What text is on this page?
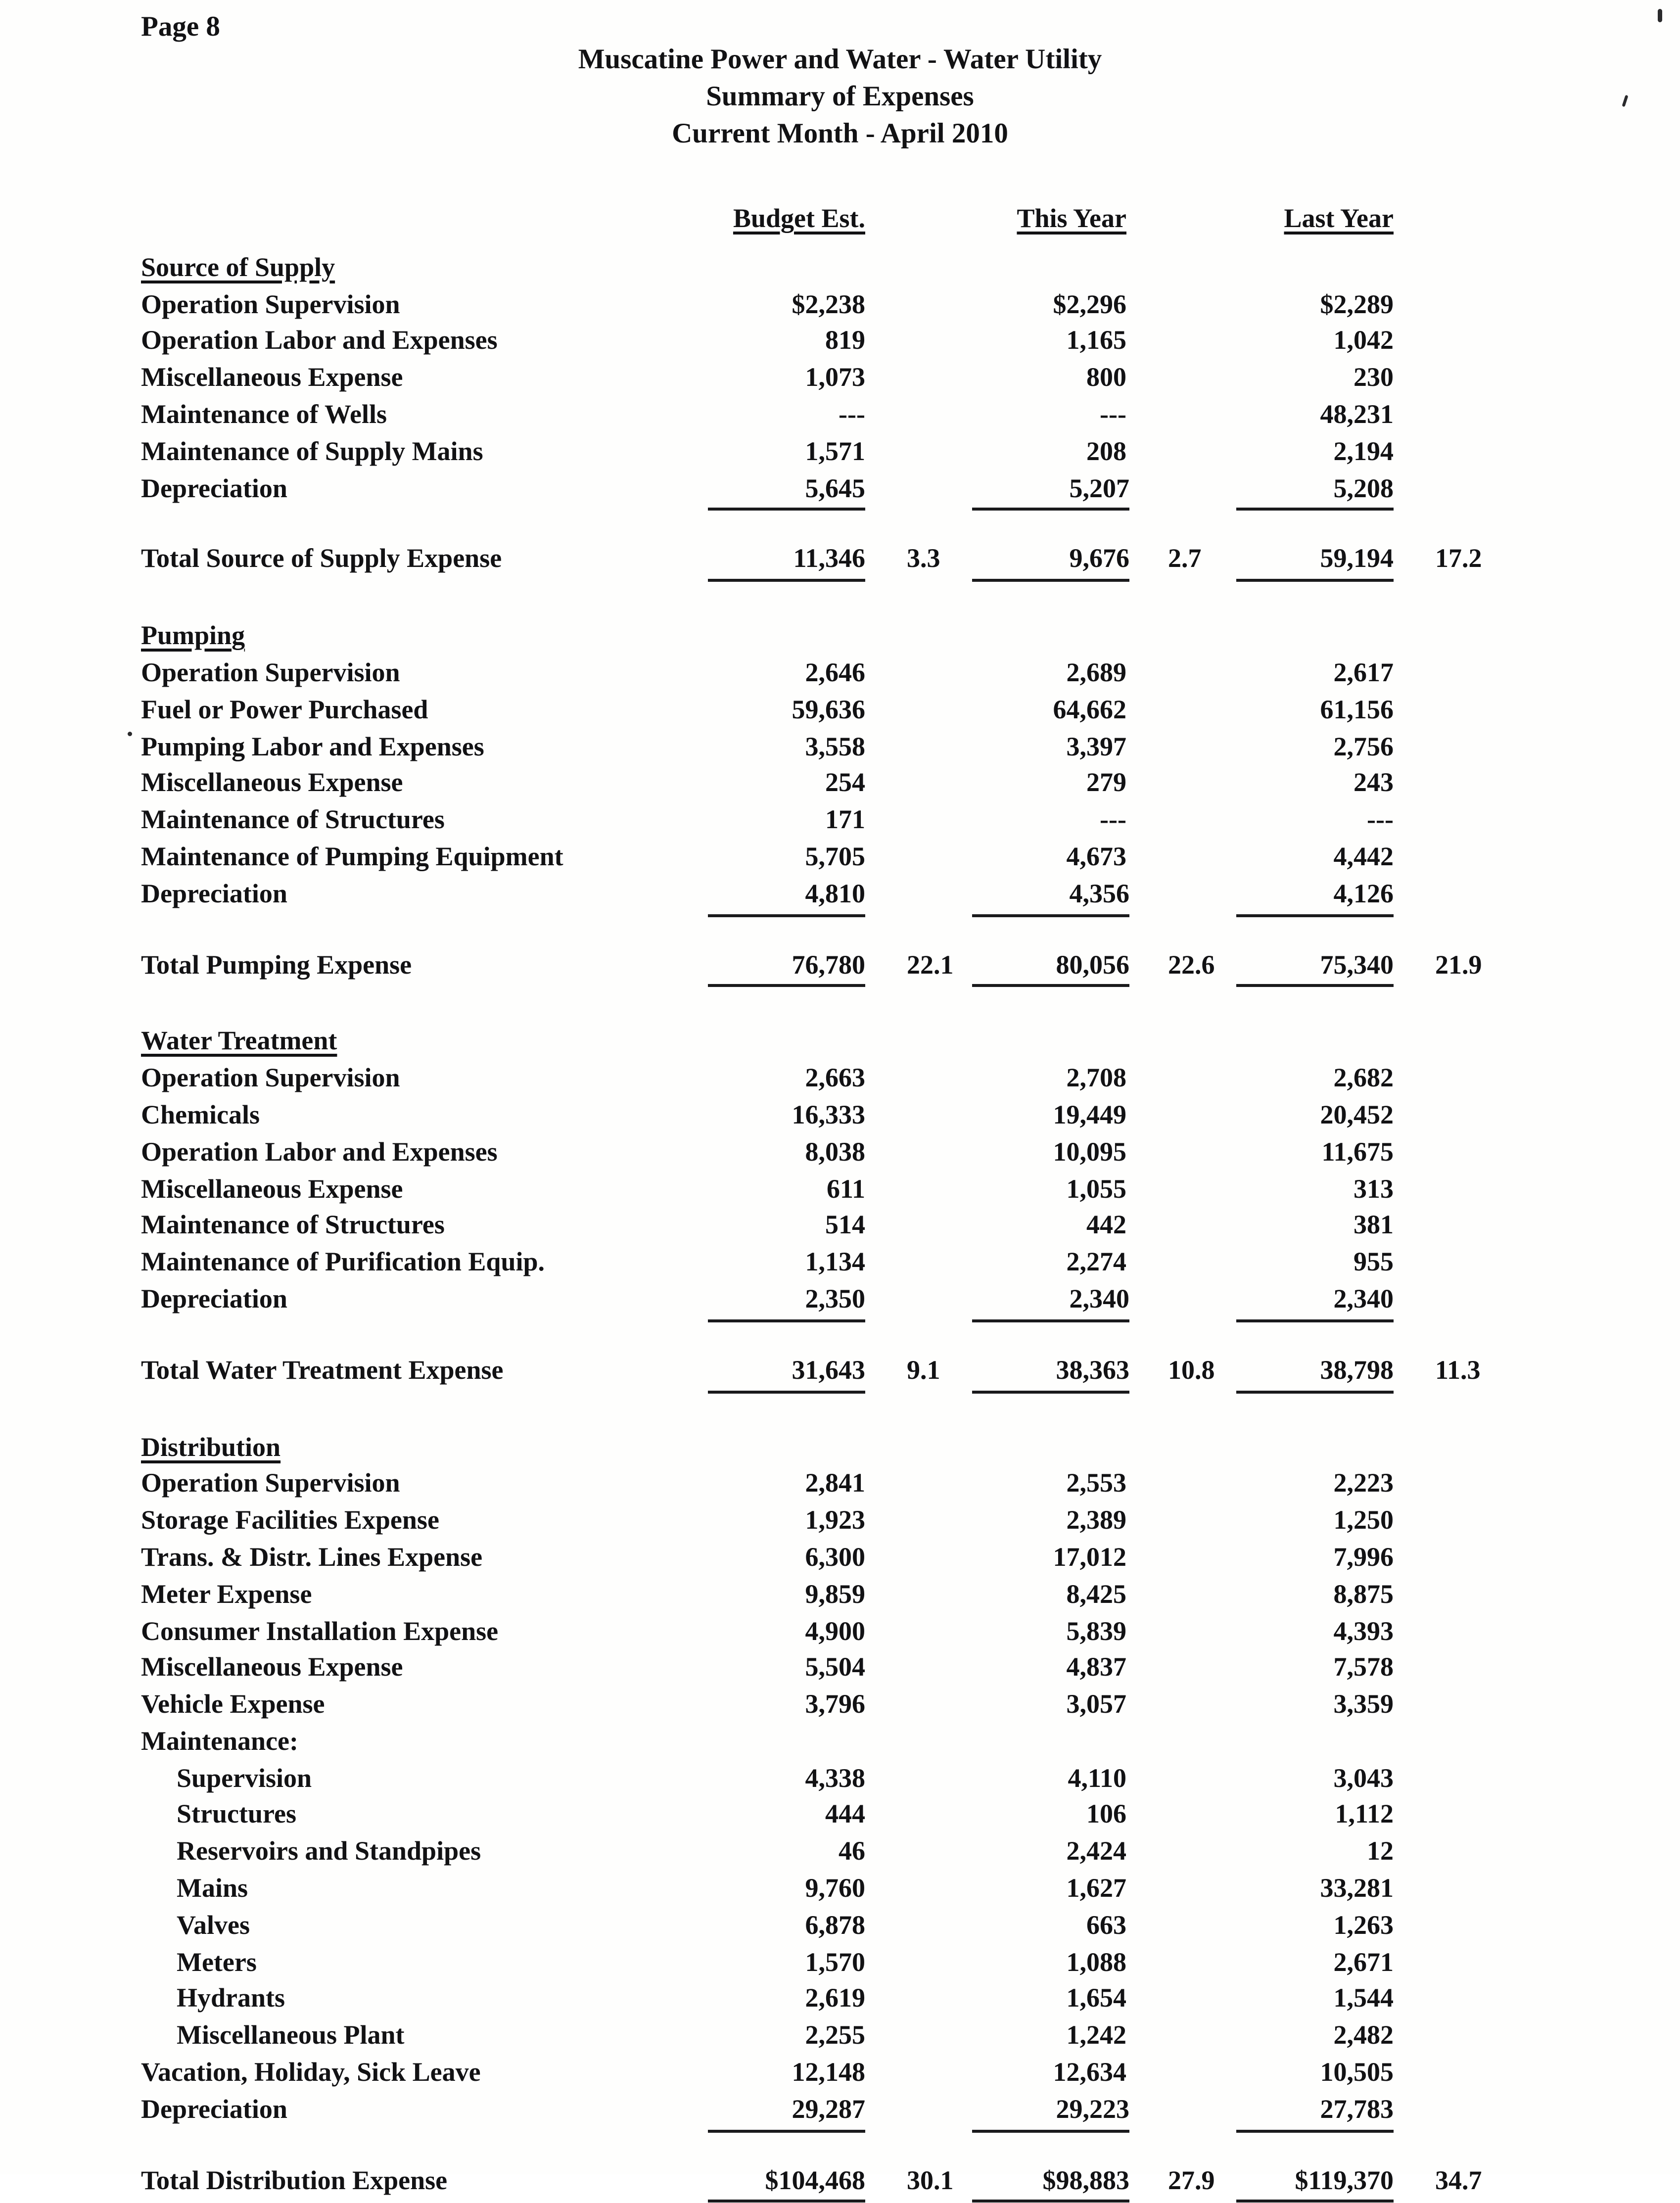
Page 8
Muscatine Power and Water - Water Utility
Summary of Expenses
Current Month - April 2010
Budget Est.	This Year	Last Year
Source of Supply
Operation Supervision	$2,238	$2,296	$2,289
Operation Labor and Expenses	819	1,165	1,042
Miscellaneous Expense	1,073	800	230
Maintenance of Wells	---	---	48,231
Maintenance of Supply Mains	1,571	208	2,194
Depreciation	5,645	5,207	5,208
Total Source of Supply Expense	11,346	3.3	9,676	2.7	59,194	17.2
Pumping
Operation Supervision	2,646	2,689	2,617
Fuel or Power Purchased	59,636	64,662	61,156
Pumping Labor and Expenses	3,558	3,397	2,756
Miscellaneous Expense	254	279	243
Maintenance of Structures	171	---	---
Maintenance of Pumping Equipment	5,705	4,673	4,442
Depreciation	4,810	4,356	4,126
Total Pumping Expense	76,780	22.1	80,056	22.6	75,340	21.9
Water Treatment
Operation Supervision	2,663	2,708	2,682
Chemicals	16,333	19,449	20,452
Operation Labor and Expenses	8,038	10,095	11,675
Miscellaneous Expense	611	1,055	313
Maintenance of Structures	514	442	381
Maintenance of Purification Equip.	1,134	2,274	955
Depreciation	2,350	2,340	2,340
Total Water Treatment Expense	31,643	9.1	38,363	10.8	38,798	11.3
Distribution
Operation Supervision	2,841	2,553	2,223
Storage Facilities Expense	1,923	2,389	1,250
Trans. & Distr. Lines Expense	6,300	17,012	7,996
Meter Expense	9,859	8,425	8,875
Consumer Installation Expense	4,900	5,839	4,393
Miscellaneous Expense	5,504	4,837	7,578
Vehicle Expense	3,796	3,057	3,359
Maintenance:
Supervision	4,338	4,110	3,043
Structures	444	106	1,112
Reservoirs and Standpipes	46	2,424	12
Mains	9,760	1,627	33,281
Valves	6,878	663	1,263
Meters	1,570	1,088	2,671
Hydrants	2,619	1,654	1,544
Miscellaneous Plant	2,255	1,242	2,482
Vacation, Holiday, Sick Leave	12,148	12,634	10,505
Depreciation	29,287	29,223	27,783
Total Distribution Expense	$104,468	30.1	$98,883	27.9	$119,370	34.7
